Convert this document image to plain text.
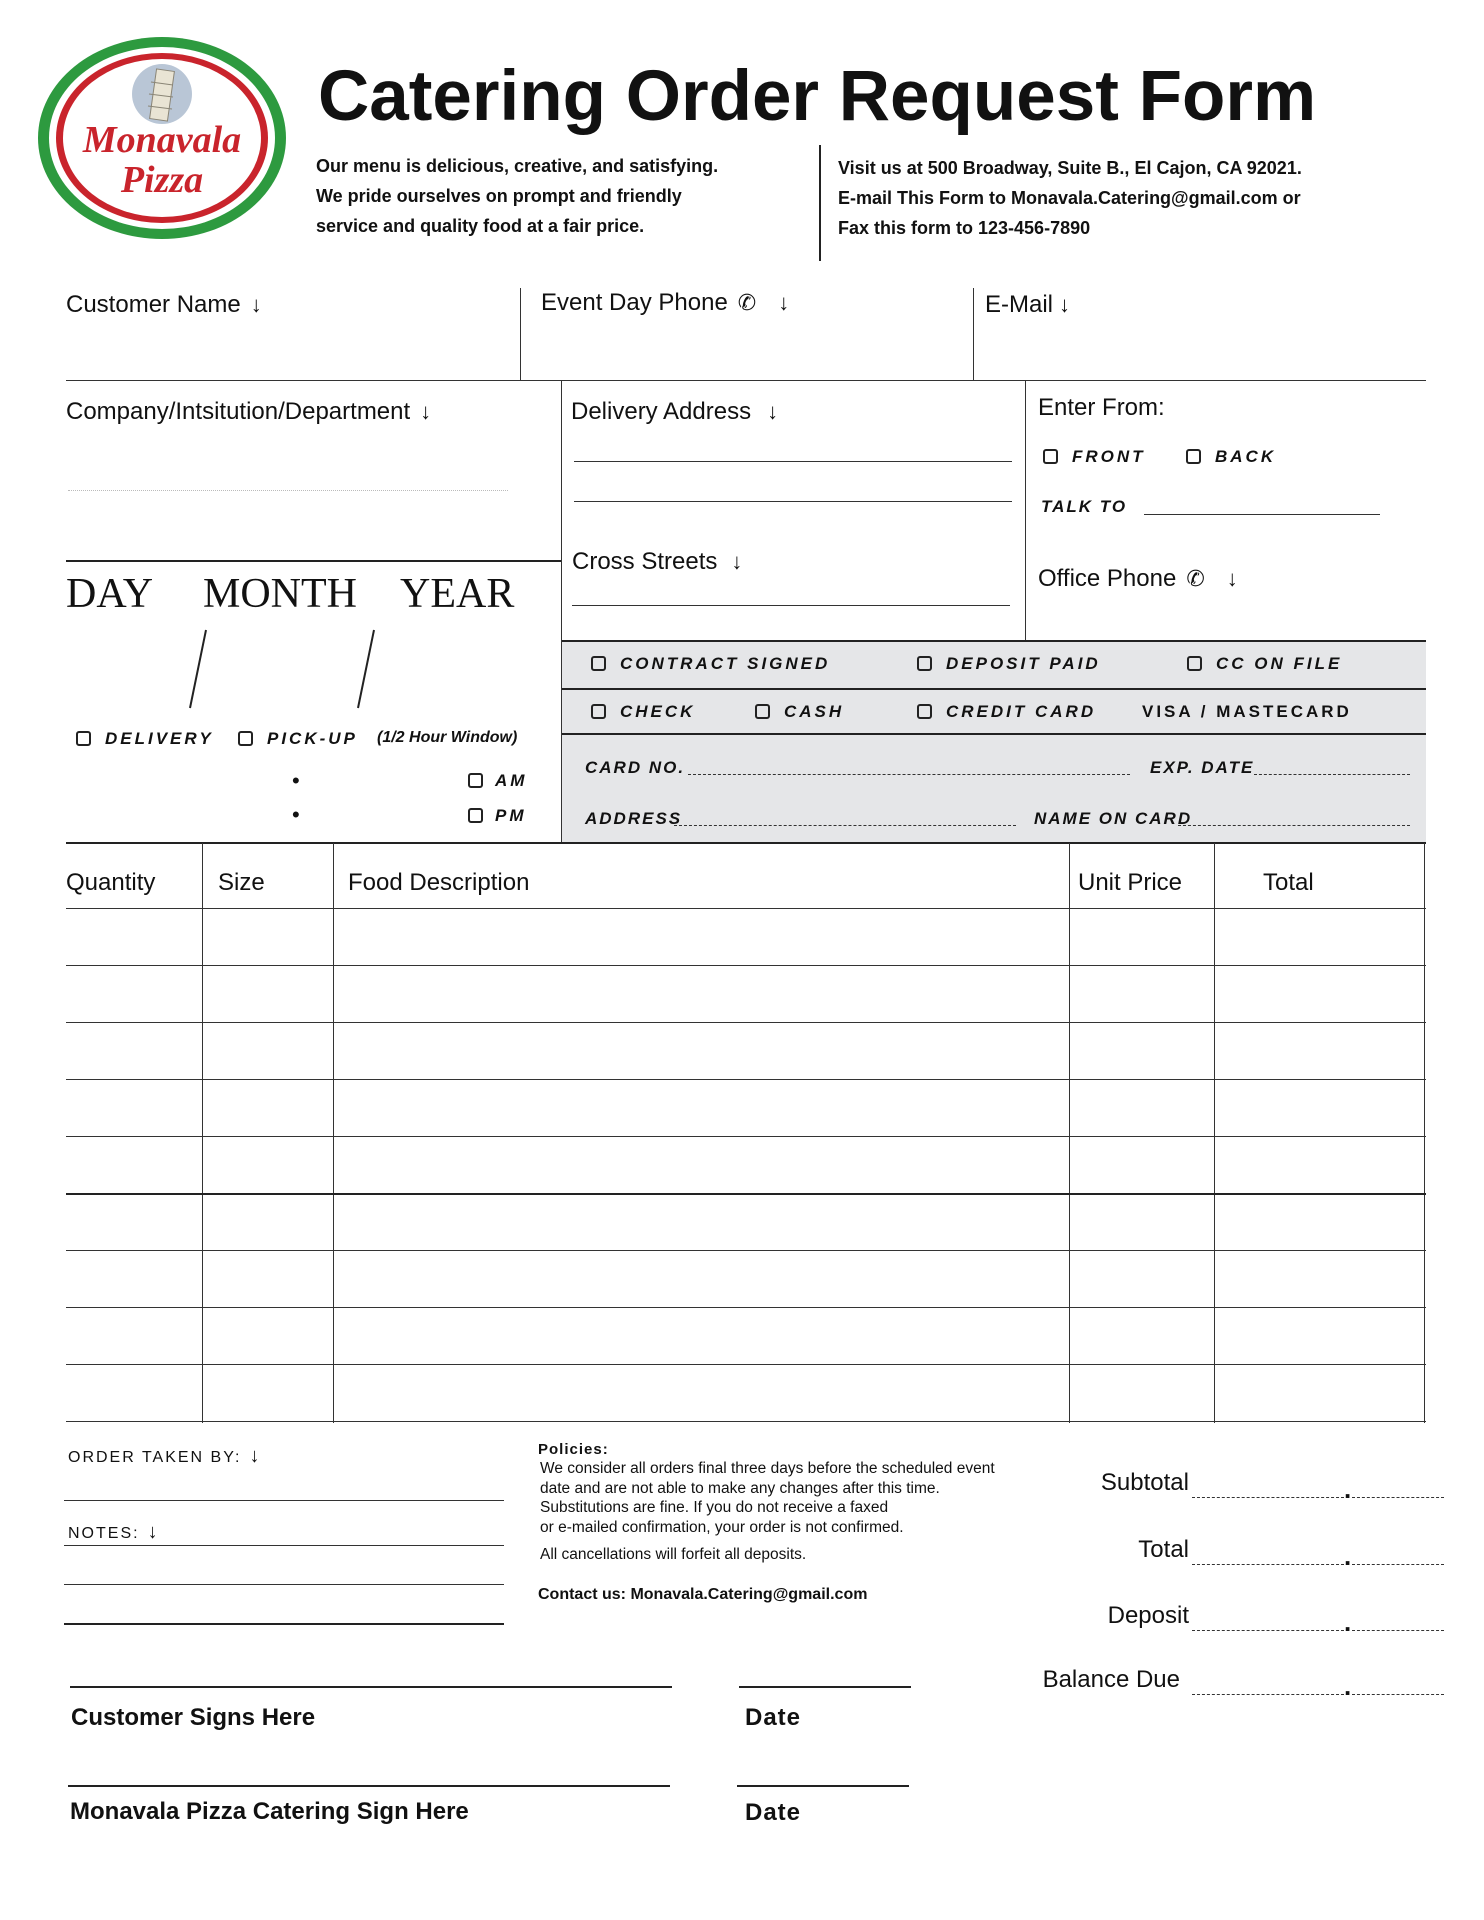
Monavala
Pizza
Catering Order Request Form
Our menu is delicious, creative, and satisfying.
We pride ourselves on prompt and friendly
service and quality food at a fair price.
Visit us at 500 Broadway, Suite B., El Cajon, CA 92021.
E-mail This Form to Monavala.Catering@gmail.com or
Fax this form to 123-456-7890
Customer Name ↓	Event Day Phone ✆ ↓	E-Mail ↓
Company/Intsitution/Department ↓
DAY MONTH YEAR
DELIVERY	PICK-UP (1/2 Hour Window)
•
•
AM
PM
Delivery Address ↓
Cross Streets ↓
Enter From:
FRONT	BACK
TALK TO
Office Phone ✆ ↓
CONTRACT SIGNED	DEPOSIT PAID	CC ON FILE
CHECK	CASH	CREDIT CARD	VISA / MASTECARD
CARD NO.	EXP. DATE
ADDRESS	NAME ON CARD
Quantity	Size	Food Description	Unit Price	Total
ORDER TAKEN BY: ↓
NOTES: ↓
Policies:
We consider all orders final three days before the scheduled event
date and are not able to make any changes after this time.
Substitutions are fine. If you do not receive a faxed
or e-mailed confirmation, your order is not confirmed.
All cancellations will forfeit all deposits.
Contact us: Monavala.Catering@gmail.com
Subtotal	.
Total	.
Deposit	.
Balance Due	.
Customer Signs Here	Date
Monavala Pizza Catering Sign Here	Date
